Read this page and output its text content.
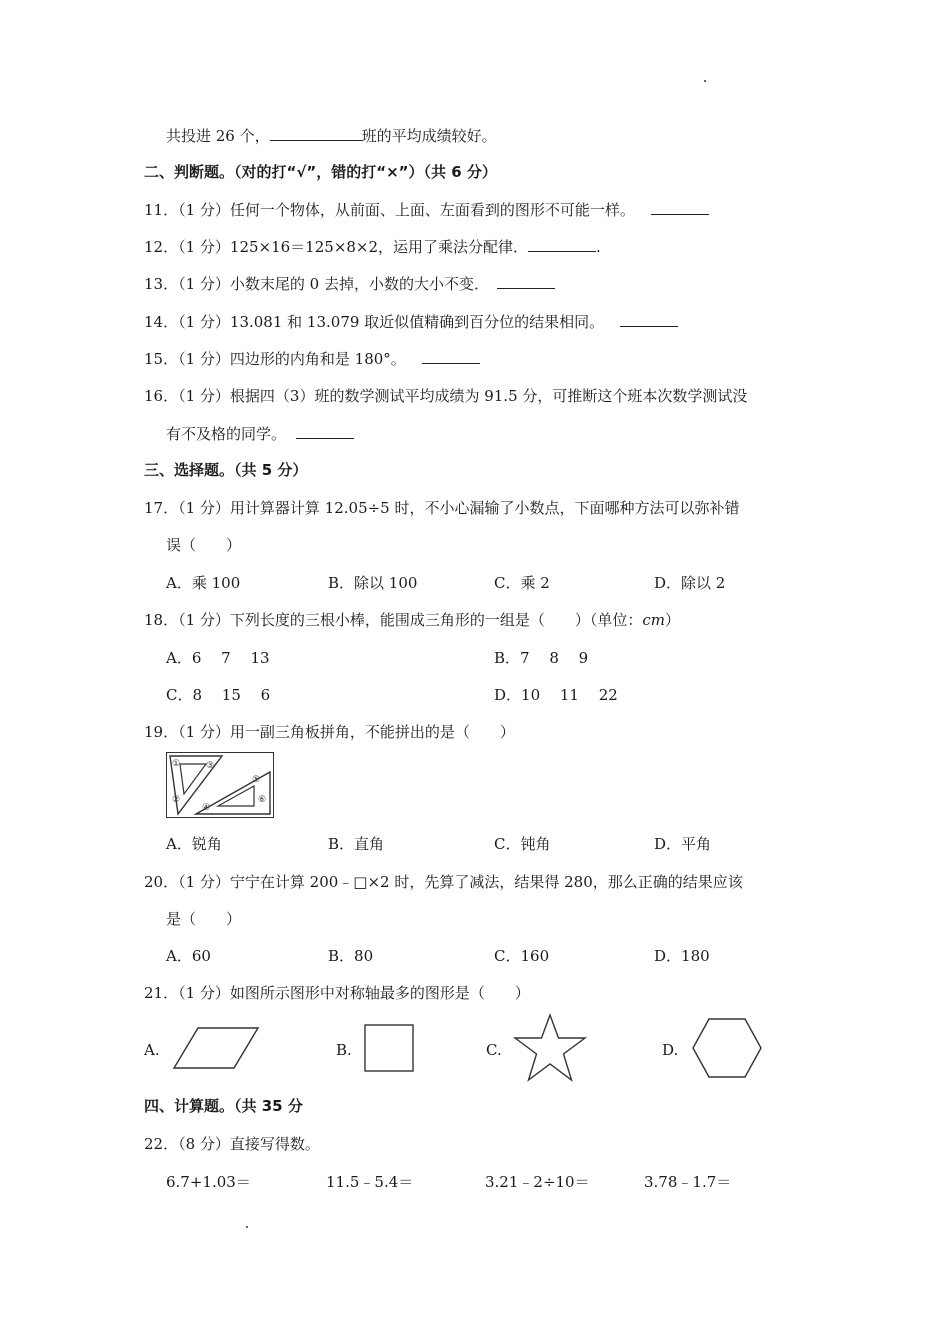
共投进 26 个，	班的平均成绩较好。
二、判断题。（对的打“√”，错的打“×”）（共 6 分）
11．（1 分）任何一个物体，从前面、上面、左面看到的图形不可能一样。
12．（1 分）125×16＝125×8×2，运用了乘法分配律．	.
13．（1 分）小数末尾的 0 去掉，小数的大小不变．
14．（1 分）13.081 和 13.079 取近似值精确到百分位的结果相同。
15．（1 分）四边形的内角和是 180°。
16．（1 分）根据四（3）班的数学测试平均成绩为 91.5 分，可推断这个班本次数学测试没
有不及格的同学。
三、选择题。（共 5 分）
17．（1 分）用计算器计算 12.05÷5 时，不小心漏输了小数点，下面哪种方法可以弥补错
误（　　）
A．乘 100	B．除以 100	C．乘 2	D．除以 2
18．（1 分）下列长度的三根小棒，能围成三角形的一组是（　　）（单位：cm）
A．6　 7　 13	B．7　 8　 9
C．8　 15　 6	D．10　 11　 22
19．（1 分）用一副三角板拼角，不能拼出的是（　　）
①
②
③
④
⑤
⑥
A．锐角	B．直角	C．钝角	D．平角
20．（1 分）宁宁在计算 200﹣□×2 时，先算了减法，结果得 280，那么正确的结果应该
是（　　）
A．60	B．80	C．160	D．180
21．（1 分）如图所示图形中对称轴最多的图形是（　　）
A.	B.	C.	D.
四、计算题。（共 35 分
22．（8 分）直接写得数。
6.7+1.03＝	11.5﹣5.4＝	3.21﹣2÷10＝	3.78﹣1.7＝
